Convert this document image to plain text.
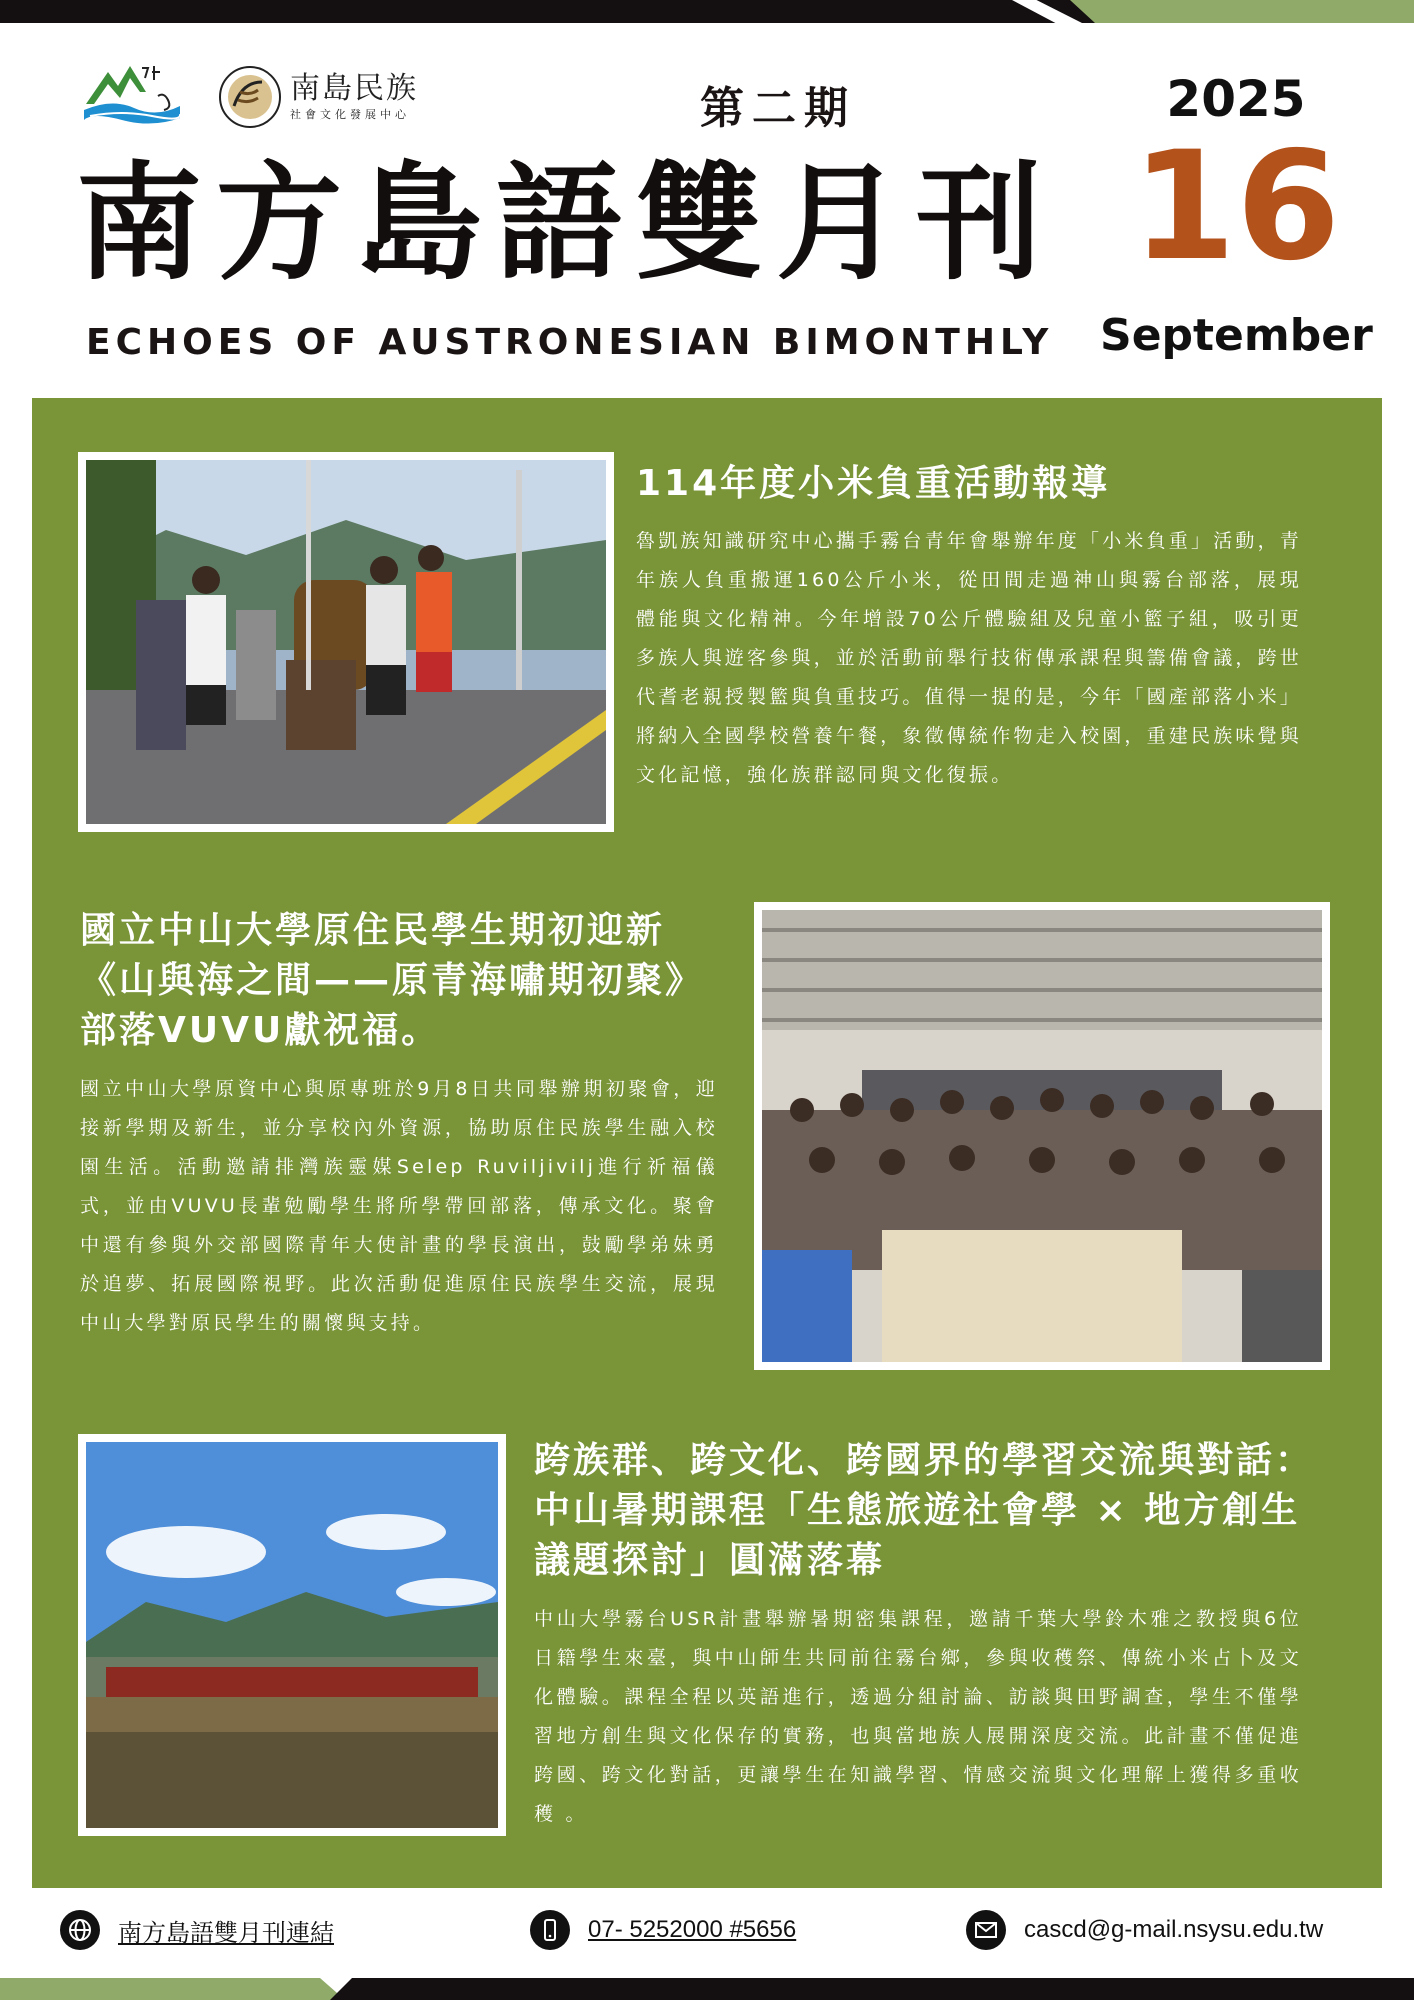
南島民族
社會文化發展中心	第二期
南方島語雙月刊
ECHOES OF AUSTRONESIAN BIMONTHLY
2025
16
September
114年度小米負重活動報導

魯凱族知識研究中心攜手霧台青年會舉辦年度「小米負重」活動，青年族人負重搬運160公斤小米，從田間走過神山與霧台部落，展現體能與文化精神。今年增設70公斤體驗組及兒童小籃子組，吸引更多族人與遊客參與，並於活動前舉行技術傳承課程與籌備會議，跨世代耆老親授製籃與負重技巧。值得一提的是，今年「國產部落小米」將納入全國學校營養午餐，象徵傳統作物走入校園，重建民族味覺與文化記憶，強化族群認同與文化復振。

國立中山大學原住民學生期初迎新
《山與海之間——原青海嘯期初聚》
部落VUVU獻祝福。

國立中山大學原資中心與原專班於9月8日共同舉辦期初聚會，迎接新學期及新生，並分享校內外資源，協助原住民族學生融入校園生活。活動邀請排灣族靈媒Selep Ruviljivilj進行祈福儀式，並由VUVU長輩勉勵學生將所學帶回部落，傳承文化。聚會中還有參與外交部國際青年大使計畫的學長演出，鼓勵學弟妹勇於追夢、拓展國際視野。此次活動促進原住民族學生交流，展現中山大學對原民學生的關懷與支持。

跨族群、跨文化、跨國界的學習交流與對話：
中山暑期課程「生態旅遊社會學 × 地方創生
議題探討」圓滿落幕

中山大學霧台USR計畫舉辦暑期密集課程，邀請千葉大學鈴木雅之教授與6位日籍學生來臺，與中山師生共同前往霧台鄉，參與收穫祭、傳統小米占卜及文化體驗。課程全程以英語進行，透過分組討論、訪談與田野調查，學生不僅學習地方創生與文化保存的實務，也與當地族人展開深度交流。此計畫不僅促進跨國、跨文化對話，更讓學生在知識學習、情感交流與文化理解上獲得多重收穫 。

南方島語雙月刊連結	07- 5252000 #5656	cascd@g-mail.nsysu.edu.tw
